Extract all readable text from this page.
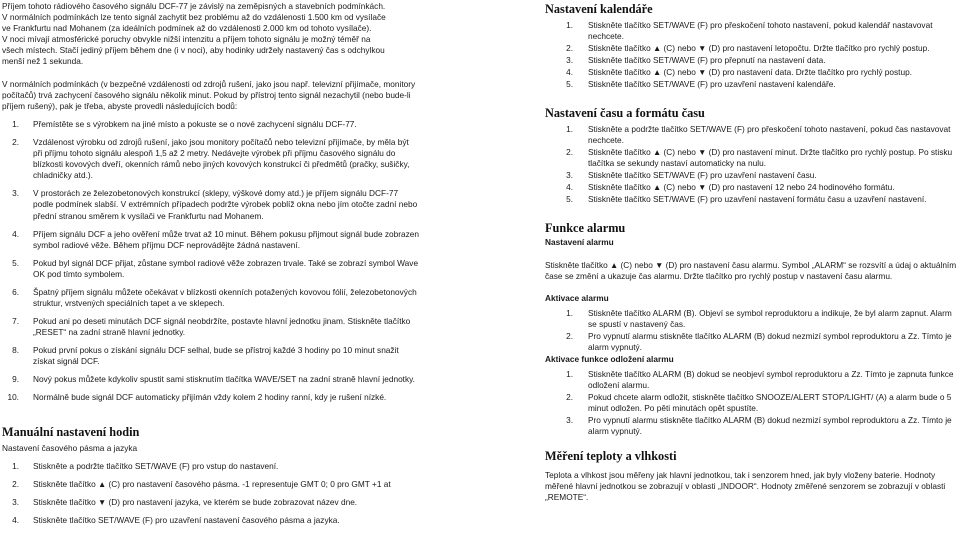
Příjem tohoto rádiového časového signálu DCF-77 je závislý na zeměpisných a stavebních podmínkách.

V normálních podmínkách lze tento signál zachytit bez problému až do vzdálenosti 1.500 km od vysílače

ve Frankfurtu nad Mohanem (za ideálních podmínek až do vzdálenosti 2.000 km od tohoto vysílače).

V noci mívají atmosférické poruchy obvykle nižší intenzitu a příjem tohoto signálu je možný téměř na

všech místech. Stačí jediný příjem během dne (i v noci), aby hodinky udržely nastavený čas s odchylkou

menší než 1 sekunda.

V normálních podmínkách (v bezpečné vzdálenosti od zdrojů rušení, jako jsou např. televizní přijímače, monitory počítačů) trvá zachycení časového signálu několik minut. Pokud by přístroj tento signál nezachytil (nebo bude-li příjem rušený), pak je třeba, abyste provedli následujících bodů:

1.	Přemístěte se s výrobkem na jiné místo a pokuste se o nové zachycení signálu DCF-77.
2.	Vzdálenost výrobku od zdrojů rušení, jako jsou monitory počítačů nebo televizní přijímače, by měla být při příjmu tohoto signálu alespoň 1,5 až 2 metry. Nedávejte výrobek při příjmu časového signálu do blízkosti kovových dveří, okenních rámů nebo jiných kovových konstrukcí či předmětů (pračky, sušičky, chladničky atd.).
3.	V prostorách ze železobetonových konstrukcí (sklepy, výškové domy atd.) je příjem signálu DCF-77 podle podmínek slabší. V extrémních případech podržte výrobek poblíž okna nebo jím otočte zadní nebo přední stranou směrem k vysílači ve Frankfurtu nad Mohanem.
4.	Příjem signálu DCF a jeho ověření může trvat až 10 minut. Během pokusu přijmout signál bude zobrazen symbol radiové věže. Během příjmu DCF neprovádějte žádná nastavení.
5.	Pokud byl signál DCF přijat, zůstane symbol radiové věže zobrazen trvale. Také se zobrazí symbol Wave OK pod tímto symbolem.
6.	Špatný příjem signálu můžete očekávat v blízkosti okenních potažených kovovou fólií, železobetonových struktur, vrstvených speciálních tapet a ve sklepech.
7.	Pokud ani po deseti minutách DCF signál neobdržíte, postavte hlavní jednotku jinam. Stiskněte tlačítko „RESET“ na zadní straně hlavní jednotky.
8.	Pokud první pokus o získání signálu DCF selhal, bude se přístroj každé 3 hodiny po 10 minut snažit získat signál DCF.
9.	Nový pokus můžete kdykoliv spustit sami stisknutím tlačítka WAVE/SET na zadní straně hlavní jednotky.
10.	Normálně bude signál DCF automaticky přijímán vždy kolem 2 hodiny ranní, kdy je rušení nízké.
Manuální nastavení hodin

Nastavení časového pásma a jazyka

1.	Stiskněte a podržte tlačítko SET/WAVE (F) pro vstup do nastavení.
2.	Stiskněte tlačítko ▲ (C) pro nastavení časového pásma. -1 representuje GMT 0; 0 pro GMT +1 at
3.	Stiskněte tlačítko ▼ (D) pro nastavení jazyka, ve kterém se bude zobrazovat název dne.
4.	Stiskněte tlačítko SET/WAVE (F) pro uzavření nastavení časového pásma a jazyka.
Nastavení kalendáře
1.	Stiskněte tlačítko SET/WAVE (F) pro přeskočení tohoto nastavení, pokud kalendář nastavovat nechcete.
2.	Stiskněte tlačítko ▲ (C) nebo ▼ (D) pro nastavení letopočtu. Držte tlačítko pro rychlý postup.
3.	Stiskněte tlačítko SET/WAVE (F) pro přepnutí na nastavení data.
4.	Stiskněte tlačítko ▲ (C) nebo ▼ (D) pro nastavení data. Držte tlačítko pro rychlý postup.
5.	Stiskněte tlačítko SET/WAVE (F) pro uzavření nastavení kalendáře.
Nastavení času a formátu času
1.	Stiskněte a podržte tlačítko SET/WAVE (F) pro přeskočení tohoto nastavení, pokud čas nastavovat nechcete.
2.	Stiskněte tlačítko ▲ (C) nebo ▼ (D) pro nastavení minut. Držte tlačítko pro rychlý postup. Po stisku tlačítka se sekundy nastaví automaticky na nulu.
3.	Stiskněte tlačítko SET/WAVE (F) pro uzavření nastavení času.
4.	Stiskněte tlačítko ▲ (C) nebo ▼ (D) pro nastavení 12 nebo 24 hodinového formátu.
5.	Stiskněte tlačítko SET/WAVE (F) pro uzavření nastavení formátu času a uzavření nastavení.
Funkce alarmu
Nastavení alarmu

Stiskněte tlačítko ▲ (C) nebo ▼ (D) pro nastavení času alarmu. Symbol „ALARM“ se rozsvítí a údaj o aktuálním čase se změní a ukazuje čas alarmu. Držte tlačítko pro rychlý postup v nastavení času alarmu.

Aktivace alarmu
1.	Stiskněte tlačítko ALARM (B). Objeví se symbol reproduktoru a indikuje, že byl alarm zapnut. Alarm se spustí v nastavený čas.
2.	Pro vypnutí alarmu stiskněte tlačítko ALARM (B) dokud nezmizí symbol reproduktoru a Zz. Tímto je alarm vypnutý.
Aktivace funkce odložení alarmu
1.	Stiskněte tlačítko ALARM (B) dokud se neobjeví symbol reproduktoru a Zz. Tímto je zapnuta funkce odložení alarmu.
2.	Pokud chcete alarm odložit, stiskněte tlačítko SNOOZE/ALERT STOP/LIGHT/ (A) a alarm bude o 5 minut odložen. Po pěti minutách opět spustíte.
3.	Pro vypnutí alarmu stiskněte tlačítko ALARM (B) dokud nezmizí symbol reproduktoru a Zz. Tímto je alarm vypnutý.
Měření teploty a vlhkosti

Teplota a vlhkost jsou měřeny jak hlavní jednotkou, tak i senzorem hned, jak byly vloženy baterie. Hodnoty měřené hlavní jednotkou se zobrazují v oblasti „INDOOR“. Hodnoty změřené senzorem se zobrazují v oblasti „REMOTE“.
